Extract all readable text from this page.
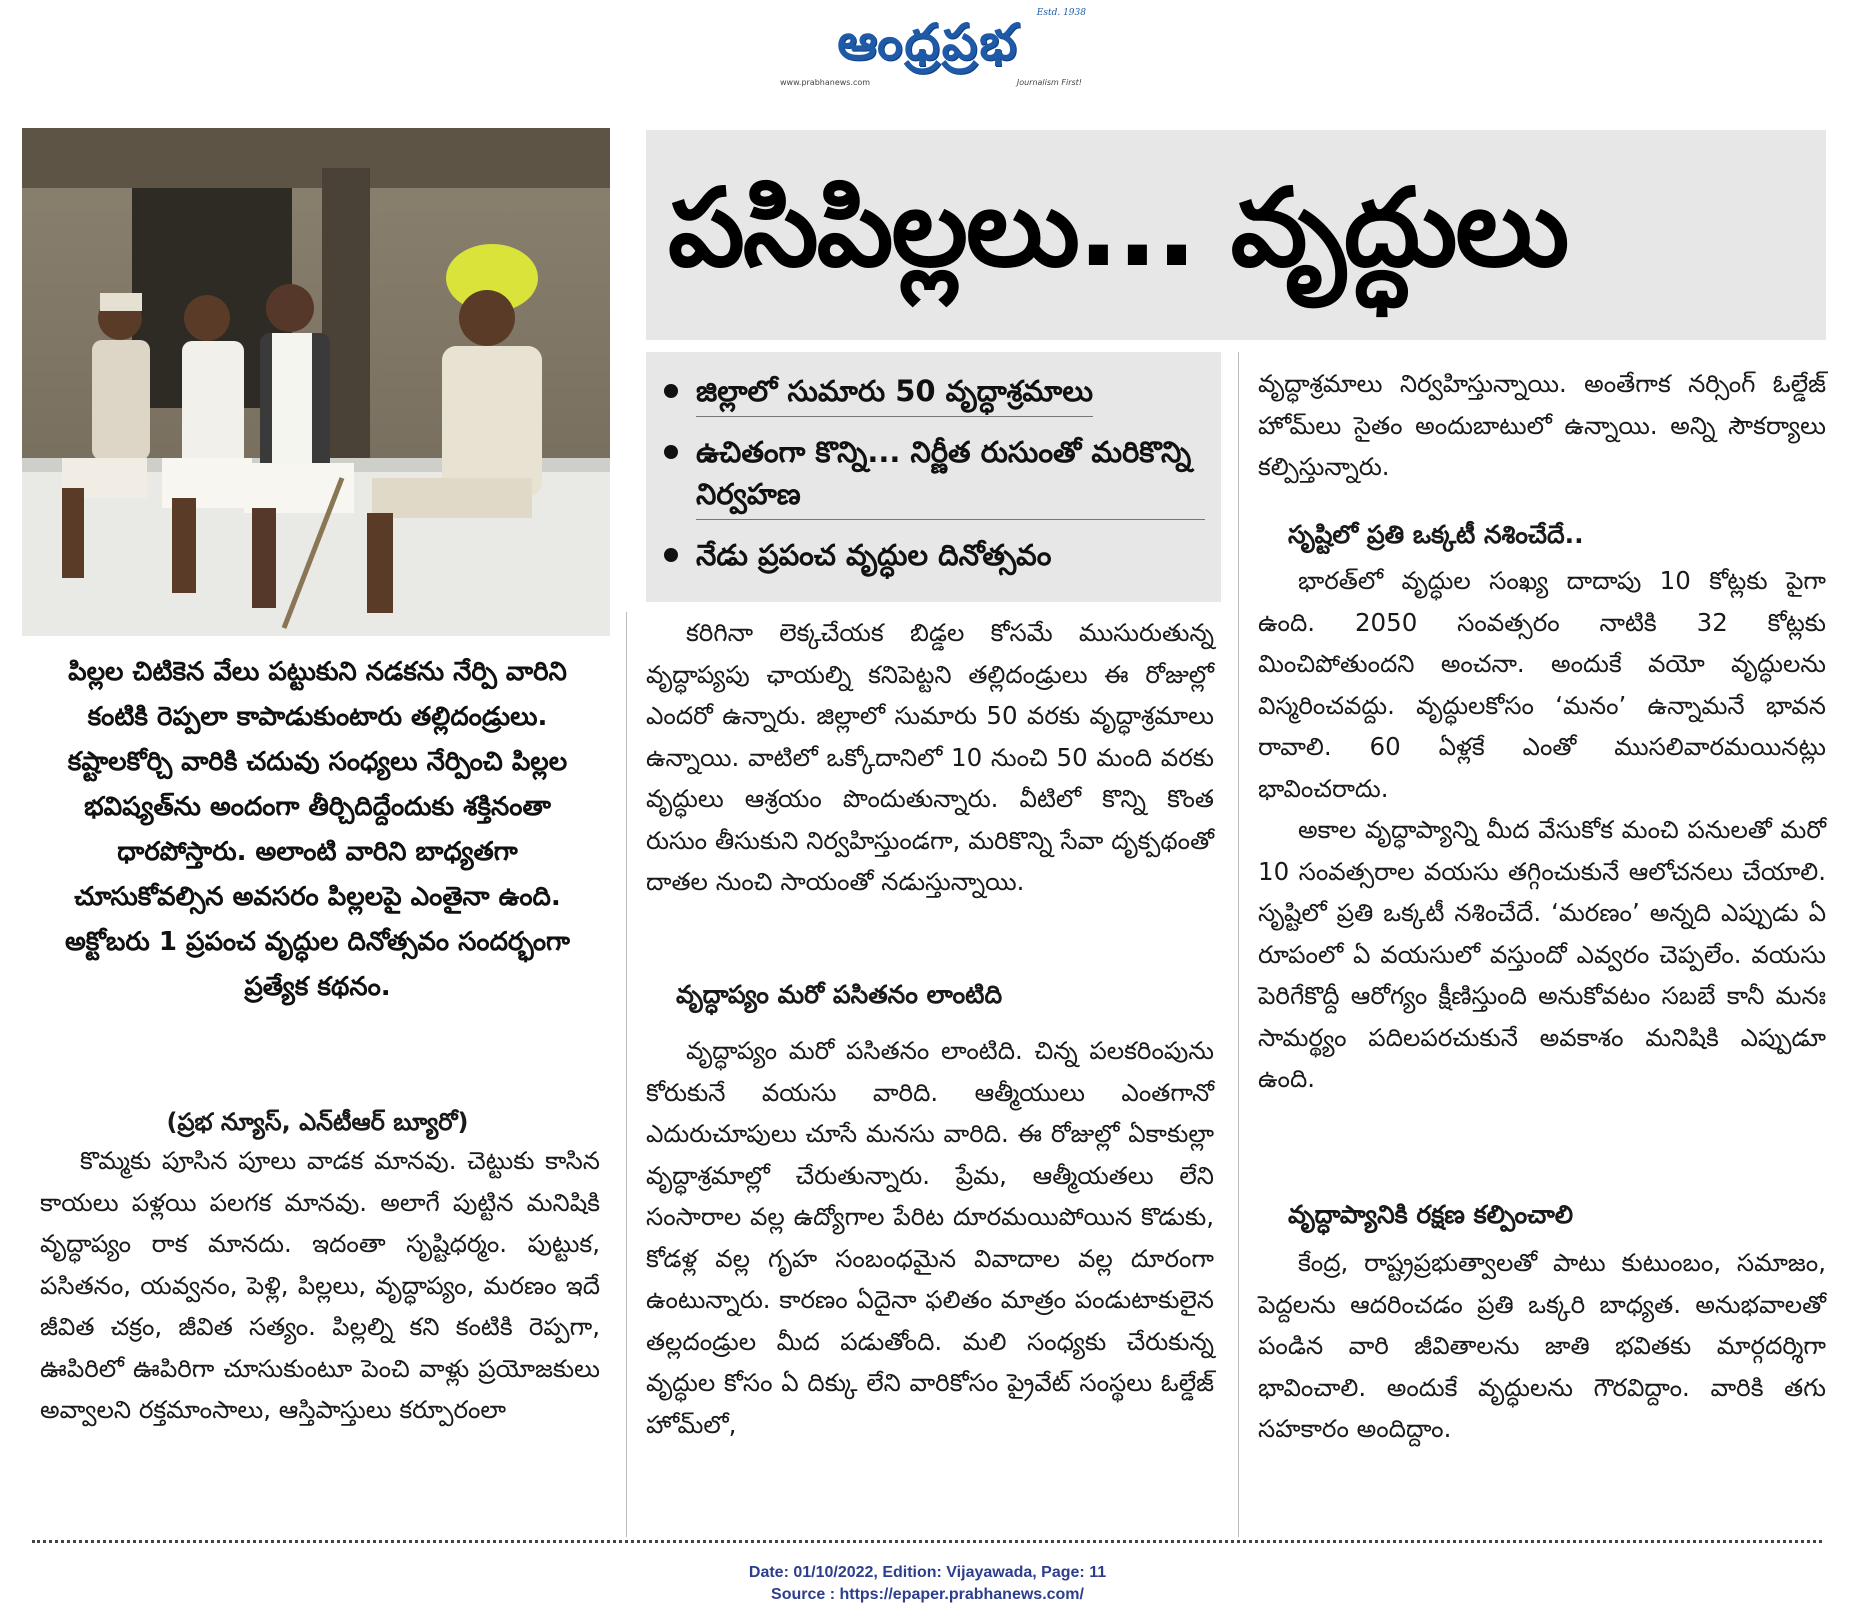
ఆంధ్రప్రభ	Estd. 1938
www.prabhanews.com	Journalism First!
పసిపిల్లలు... వృద్ధులు
జిల్లాలో సుమారు 50 వృద్ధాశ్రమాలు
ఉచితంగా కొన్ని... నిర్ణీత రుసుంతో మరికొన్ని నిర్వహణ
నేడు ప్రపంచ వృద్ధుల దినోత్సవం
పిల్లల చిటికెన వేలు పట్టుకుని నడకను నేర్పి వారిని కంటికి రెప్పలా కాపాడుకుంటారు తల్లిదండ్రులు. కష్టాలకోర్చి వారికి చదువు సంధ్యలు నేర్పించి పిల్లల భవిష్యత్‌ను అందంగా తీర్చిదిద్దేందుకు శక్తినంతా ధారపోస్తారు. అలాంటి వారిని బాధ్యతగా చూసుకోవల్సిన అవసరం పిల్లలపై ఎంతైనా ఉంది. అక్టోబరు 1 ప్రపంచ వృద్ధుల దినోత్సవం సందర్భంగా ప్రత్యేక కథనం.
(ప్రభ న్యూస్, ఎన్‌టీఆర్ బ్యూరో)

కొమ్మకు పూసిన పూలు వాడక మానవు. చెట్టుకు కాసిన కాయలు పళ్లయి పలగక మానవు. అలాగే పుట్టిన మనిషికి వృద్ధాప్యం రాక మానదు. ఇదంతా సృష్టిధర్మం. పుట్టుక, పసితనం, యవ్వనం, పెళ్లి, పిల్లలు, వృద్ధాప్యం, మరణం ఇదే జీవిత చక్రం, జీవిత సత్యం. పిల్లల్ని కని కంటికి రెప్పగా, ఊపిరిలో ఊపిరిగా చూసుకుంటూ పెంచి వాళ్లు ప్రయోజకులు అవ్వాలని రక్తమాంసాలు, ఆస్తిపాస్తులు కర్పూరంలా

కరిగినా లెక్కచేయక బిడ్డల కోసమే ముసురుతున్న వృద్ధాప్యపు ఛాయల్ని కనిపెట్టని తల్లిదండ్రులు ఈ రోజుల్లో ఎందరో ఉన్నారు. జిల్లాలో సుమారు 50 వరకు వృద్ధాశ్రమాలు ఉన్నాయి. వాటిలో ఒక్కోదానిలో 10 నుంచి 50 మంది వరకు వృద్ధులు ఆశ్రయం పొందుతున్నారు. వీటిలో కొన్ని కొంత రుసుం తీసుకుని నిర్వహిస్తుండగా, మరికొన్ని సేవా దృక్పథంతో దాతల నుంచి సాయంతో నడుస్తున్నాయి.

వృద్ధాప్యం మరో పసితనం లాంటిది

వృద్ధాప్యం మరో పసితనం లాంటిది. చిన్న పలకరింపును కోరుకునే వయసు వారిది. ఆత్మీయులు ఎంతగానో ఎదురుచూపులు చూసే మనసు వారిది. ఈ రోజుల్లో ఏకాకుల్లా వృద్ధాశ్రమాల్లో చేరుతున్నారు. ప్రేమ, ఆత్మీయతలు లేని సంసారాల వల్ల ఉద్యోగాల పేరిట దూరమయిపోయిన కొడుకు, కోడళ్ల వల్ల గృహ సంబంధమైన వివాదాల వల్ల దూరంగా ఉంటున్నారు. కారణం ఏదైనా ఫలితం మాత్రం పండుటాకులైన తల్లదండ్రుల మీద పడుతోంది. మలి సంధ్యకు చేరుకున్న వృద్ధుల కోసం ఏ దిక్కు లేని వారికోసం ప్రైవేట్ సంస్థలు ఓల్డేజ్ హోమ్‌లో,

వృద్ధాశ్రమాలు నిర్వహిస్తున్నాయి. అంతేగాక నర్సింగ్ ఓల్డేజ్ హోమ్‌లు సైతం అందుబాటులో ఉన్నాయి. అన్ని సౌకర్యాలు కల్పిస్తున్నారు.

సృష్టిలో ప్రతి ఒక్కటీ నశించేదే..

భారత్‌లో వృద్ధుల సంఖ్య దాదాపు 10 కోట్లకు పైగా ఉంది. 2050 సంవత్సరం నాటికి 32 కోట్లకు మించిపోతుందని అంచనా. అందుకే వయో వృద్ధులను విస్మరించవద్దు. వృద్ధులకోసం ‘మనం’ ఉన్నామనే భావన రావాలి. 60 ఏళ్లకే ఎంతో ముసలివారమయినట్లు భావించరాదు.

అకాల వృద్ధాప్యాన్ని మీద వేసుకోక మంచి పనులతో మరో 10 సంవత్సరాల వయసు తగ్గించుకునే ఆలోచనలు చేయాలి. సృష్టిలో ప్రతి ఒక్కటీ నశించేదే. ‘మరణం’ అన్నది ఎప్పుడు ఏ రూపంలో ఏ వయసులో వస్తుందో ఎవ్వరం చెప్పలేం. వయసు పెరిగేకొద్దీ ఆరోగ్యం క్షీణిస్తుంది అనుకోవటం సబబే కానీ మనః సామర్థ్యం పదిలపరచుకునే అవకాశం మనిషికి ఎప్పుడూ ఉంది.

వృద్ధాప్యానికి రక్షణ కల్పించాలి

కేంద్ర, రాష్ట్రప్రభుత్వాలతో పాటు కుటుంబం, సమాజం, పెద్దలను ఆదరించడం ప్రతి ఒక్కరి బాధ్యత. అనుభవాలతో పండిన వారి జీవితాలను జాతి భవితకు మార్గదర్శిగా భావించాలి. అందుకే వృద్ధులను గౌరవిద్దాం. వారికి తగు సహకారం అందిద్దాం.

Date: 01/10/2022, Edition: Vijayawada, Page: 11
Source : https://epaper.prabhanews.com/
